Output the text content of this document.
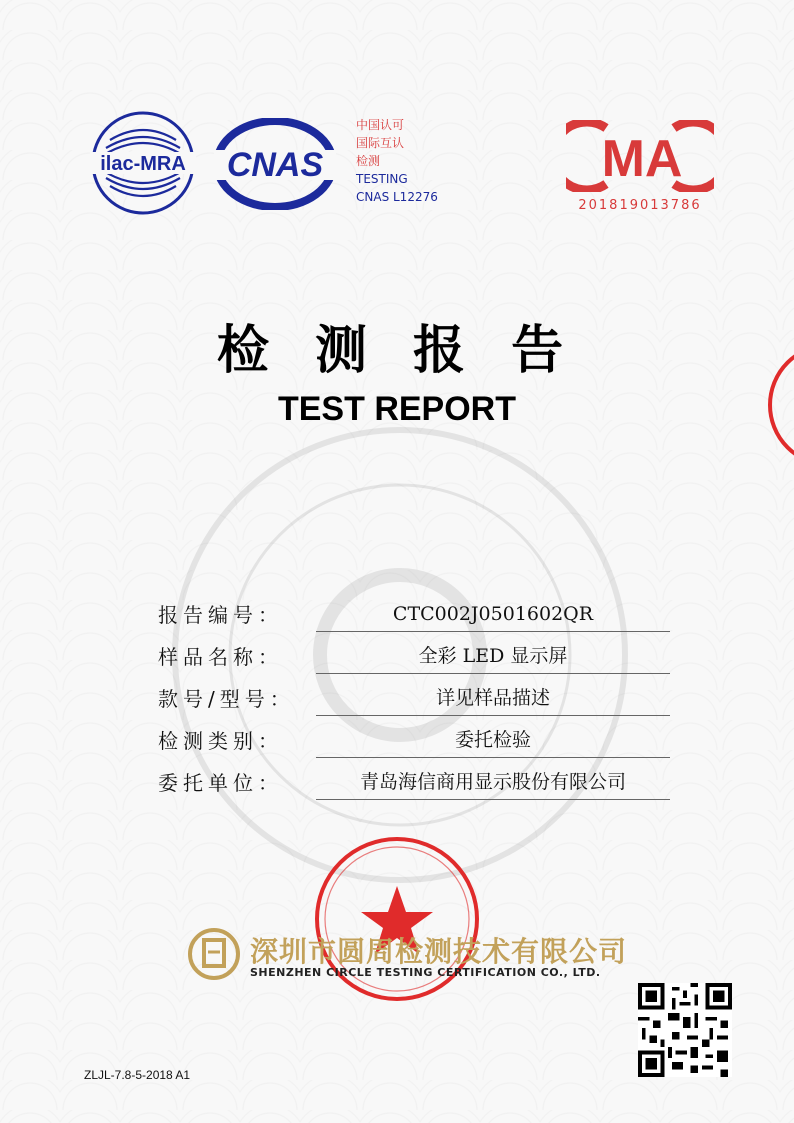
ilac-MRA CNAS
中国认可
国际互认
检测
TESTING
CNAS L12276
MA
201819013786
检 测 报 告
TEST REPORT
报告编号：	CTC002J0501602QR
样品名称：	全彩 LED 显示屏
款号/型号：	详见样品描述
检测类别：	委托检验
委托单位：	青岛海信商用显示股份有限公司
深圳市圆周检测技术有限公司
SHENZHEN CIRCLE TESTING CERTIFICATION CO., LTD.
ZLJL-7.8-5-2018 A1
